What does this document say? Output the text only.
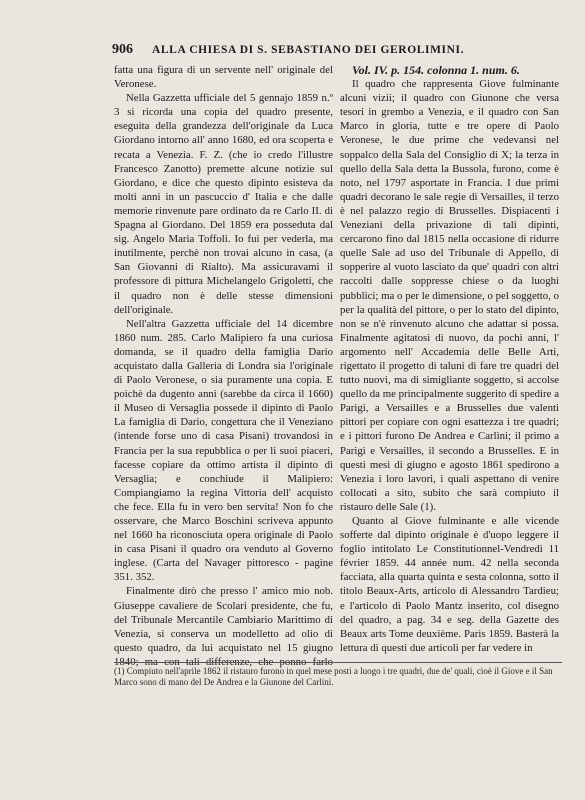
906	ALLA CHIESA DI S. SEBASTIANO DEI GEROLIMINI.

fatta una figura di un servente nell' originale del Veronese.

Nella Gazzetta ufficiale del 5 gennajo 1859 n.º 3 si ricorda una copia del quadro presente, eseguita della grandezza dell'originale da Luca Giordano intorno all' anno 1680, ed ora scoperta e recata a Venezia. F. Z. (che io credo l'illustre Francesco Zanotto) premette alcune notizie sul Giordano, e dice che questo dipinto esisteva da molti anni in un pascuccio d' Italia e che dalle memorie rinvenute pare ordinato da re Carlo II. di Spagna al Giordano. Del 1859 era posseduta dal sig. Angelo Maria Toffoli. Io fui per vederla, ma inutilmente, perchè non trovai alcuno in casa, (a San Giovanni di Rialto). Ma assicuravami il professore di pittura Michelangelo Grigoletti, che il quadro non è delle stesse dimensioni dell'originale.

Nell'altra Gazzetta ufficiale del 14 dicembre 1860 num. 285. Carlo Malipiero fa una curiosa domanda, se il quadro della famiglia Dario acquistato dalla Galleria di Londra sia l'originale di Paolo Veronese, o sia puramente una copia. E poichè da dugento anni (sarebbe da circa il 1660) il Museo di Versaglia possede il dipinto di Paolo La famiglia di Dario, congettura che il Veneziano (intende forse uno di casa Pisani) trovandosi in Francia per la sua repubblica o per li suoi piaceri, facesse copiare da ottimo artista il dipinto di Versaglia; e conchiude il Malipiero: Compiangiamo la regina Vittoria dell' acquisto che fece. Ella fu in vero ben servita! Non fo che osservare, che Marco Boschini scriveva appunto nel 1660 ha riconosciuta opera originale di Paolo in casa Pisani il quadro ora venduto al Governo inglese. (Carta del Navager pittoresco - pagine 351. 352.

Finalmente dirò che presso l' amico mio nob. Giuseppe cavaliere de Scolari presidente, che fu, del Tribunale Mercantile Cambiario Marittimo di Venezia, si conserva un modelletto ad olio di questo quadro, da lui acquistato nel 15 giugno 1840; ma con tali differenze, che ponno farlo

Vol. IV. p. 154. colonna 1. num. 6.

Il quadro che rappresenta Giove fulminante alcuni vizii; il quadro con Giunone che versa tesori in grembo a Venezia, e il quadro con San Marco in gloria, tutte e tre opere di Paolo Veronese, le due prime che vedevansi nel soppalco della Sala del Consiglio di X; la terza in quello della Sala detta la Bussola, furono, come è noto, nel 1797 asportate in Francia. I due primi quadri decorano le sale regie di Versailles, il terzo è nel palazzo regio di Brusselles. Dispiacenti i Veneziani della privazione di tali dipinti, cercarono fino dal 1815 nella occasione di ridurre quelle Sale ad uso del Tribunale di Appello, di sopperire al vuoto lasciato da que' quadri con altri raccolti dalle soppresse chiese o da luoghi pubblici; ma o per le dimensione, o pel soggetto, o per la qualità del pittore, o per lo stato del dipinto, non se n'è rinvenuto alcuno che adattar si possa. Finalmente agitatosi di nuovo, da pochi anni, l' argomento nell' Accademia delle Belle Arti, rigettato il progetto di taluni di fare tre quadri del tutto nuovi, ma di simigliante soggetto, si accolse quello da me principalmente suggerito di spedire a Parigi, a Versailles e a Brusselles due valenti pittori per copiare con ogni esattezza i tre quadri; e i pittori furono De Andrea e Carlini; il primo a Parigi e Versailles, il secondo a Brusselles. E in questi mesi di giugno e agosto 1861 spedirono a Venezia i loro lavori, i quali aspettano di venire collocati a sito, subito che sarà compiuto il ristauro delle Sale (1).

Quanto al Giove fulminante e alle vicende sofferte dal dipinto originale è d'uopo leggere il foglio intitolato Le Constitutionnel-Vendredi 11 février 1859. 44 année num. 42 nella seconda facciata, alla quarta quinta e sesta colonna, sotto il titolo Beaux-Arts, articolo di Alessandro Tardieu; e l'articolo di Paolo Mantz inserito, col disegno del quadro, a pag. 34 e seg. della Gazette des Beaux arts Tome deuxième. Paris 1859. Basterà la lettura di questi due articoli per far vedere in

(1) Compiuto nell'aprile 1862 il ristauro furono in quel mese posti a luogo i tre quadri, due de' quali, cioè il Giove e il San Marco sono di mano del De Andrea e la Giunone del Carlini.
